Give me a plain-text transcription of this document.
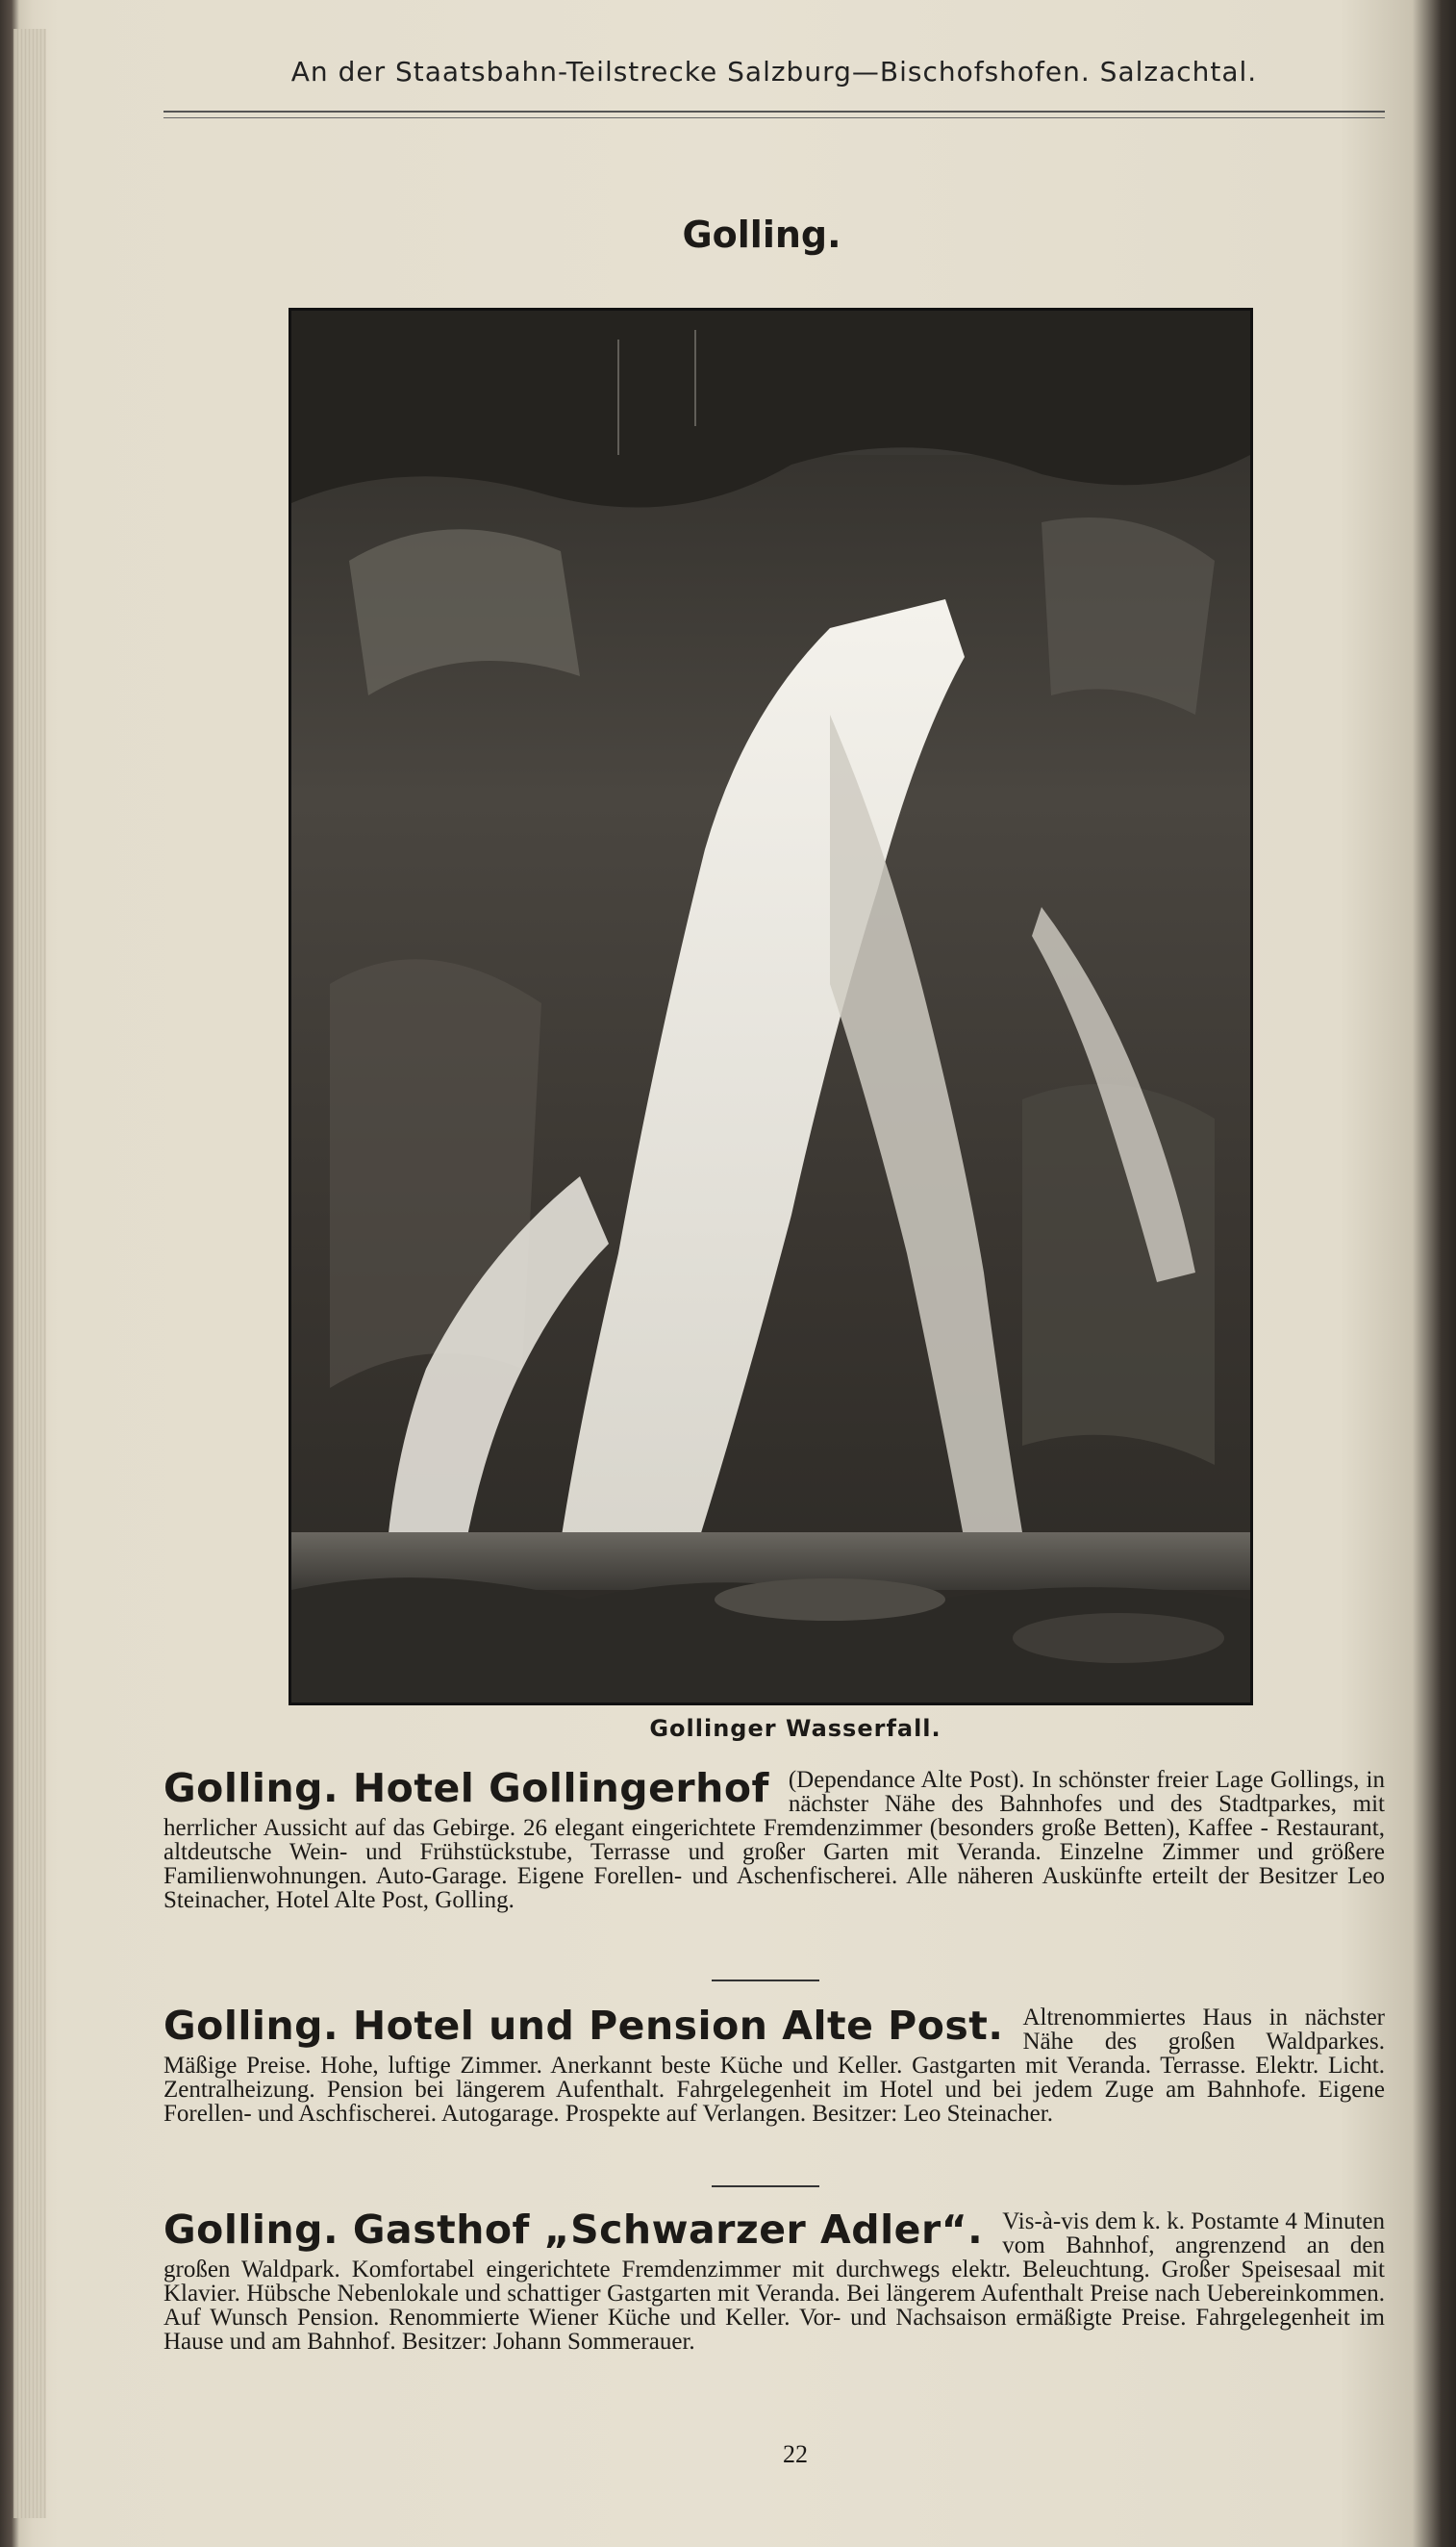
An der Staatsbahn-Teilstrecke Salzburg—Bischofshofen. Salzachtal.
Golling.
Gollinger Wasserfall.
Golling. Hotel Gollingerhof (Dependance Alte Post). In schönster freier Lage Gollings, in nächster Nähe des Bahnhofes und des Stadtparkes, mit herrlicher Aussicht auf das Gebirge. 26 elegant eingerichtete Fremdenzimmer (besonders große Betten), Kaffee - Restaurant, altdeutsche Wein- und Frühstückstube, Terrasse und großer Garten mit Veranda. Einzelne Zimmer und größere Familienwohnungen. Auto-Garage. Eigene Forellen- und Aschenfischerei. Alle näheren Auskünfte erteilt der Besitzer Leo Steinacher, Hotel Alte Post, Golling.

Golling. Hotel und Pension Alte Post. Altrenommiertes Haus in nächster Nähe des großen Waldparkes. Mäßige Preise. Hohe, luftige Zimmer. Anerkannt beste Küche und Keller. Gastgarten mit Veranda. Terrasse. Elektr. Licht. Zentralheizung. Pension bei längerem Aufenthalt. Fahrgelegenheit im Hotel und bei jedem Zuge am Bahnhofe. Eigene Forellen- und Aschfischerei. Autogarage. Prospekte auf Verlangen. Besitzer: Leo Steinacher.

Golling. Gasthof „Schwarzer Adler“. Vis-à-vis dem k. k. Postamte 4 Minuten vom Bahnhof, angrenzend an den großen Waldpark. Komfortabel eingerichtete Fremdenzimmer mit durchwegs elektr. Beleuchtung. Großer Speisesaal mit Klavier. Hübsche Nebenlokale und schattiger Gastgarten mit Veranda. Bei längerem Aufenthalt Preise nach Uebereinkommen. Auf Wunsch Pension. Renommierte Wiener Küche und Keller. Vor- und Nachsaison ermäßigte Preise. Fahrgelegenheit im Hause und am Bahnhof. Besitzer: Johann Sommerauer.

22
